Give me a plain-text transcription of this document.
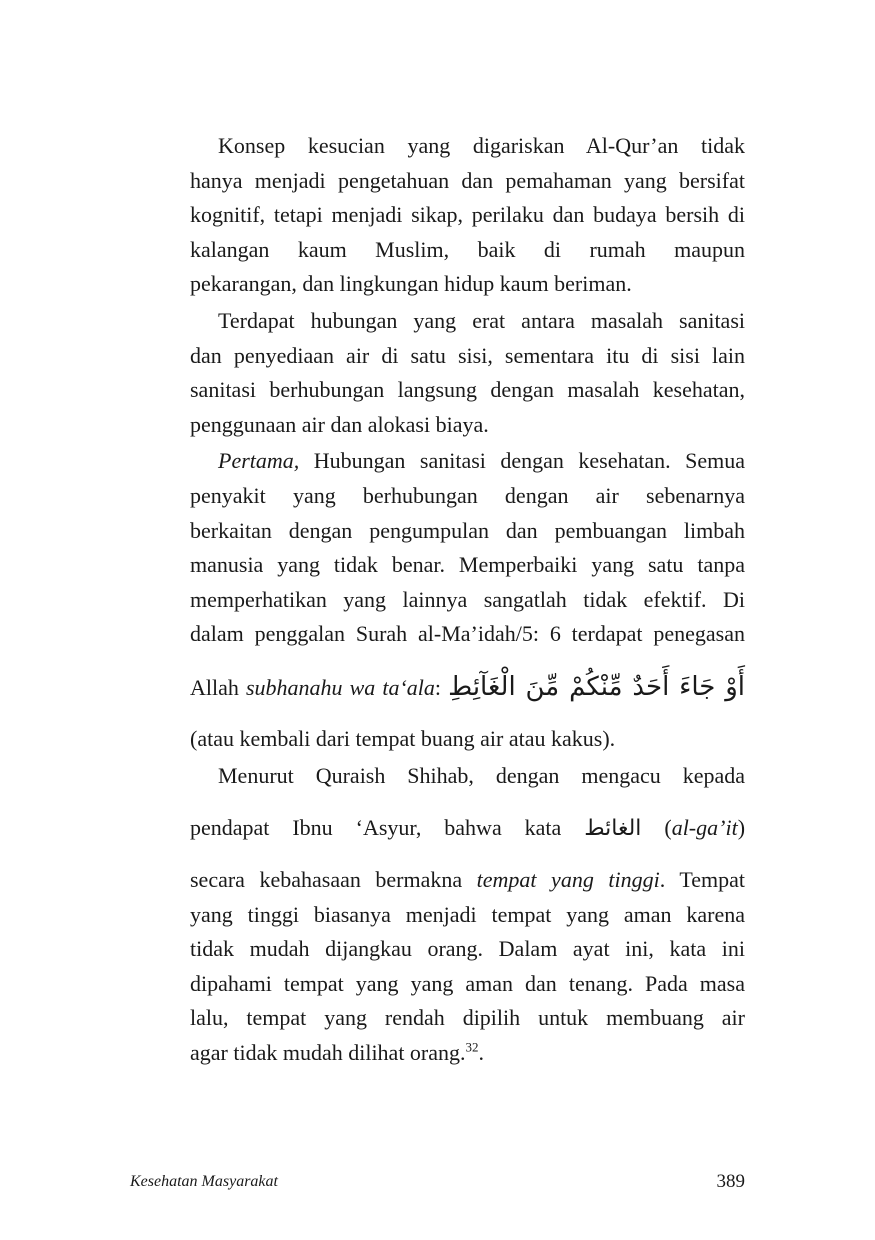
Konsep kesucian yang digariskan Al-Qur’an tidak
hanya menjadi pengetahuan dan pemahaman yang bersifat
kognitif, tetapi menjadi sikap, perilaku dan budaya bersih di
kalangan kaum Muslim, baik di rumah maupun
pekarangan, dan lingkungan hidup kaum beriman.
Terdapat hubungan yang erat antara masalah sanitasi
dan penyediaan air di satu sisi, sementara itu di sisi lain
sanitasi berhubungan langsung dengan masalah kesehatan,
penggunaan air dan alokasi biaya.
Pertama, Hubungan sanitasi dengan kesehatan. Semua
penyakit yang berhubungan dengan air sebenarnya
berkaitan dengan pengumpulan dan pembuangan limbah
manusia yang tidak benar. Memperbaiki yang satu tanpa
memperhatikan yang lainnya sangatlah tidak efektif. Di
dalam penggalan Surah al-Ma’idah/5: 6 terdapat penegasan
Allah subhanahu wa ta‘ala: أَوْ جَاءَ أَحَدٌ مِّنْكُمْ مِّنَ الْغَآئِطِ
(atau kembali dari tempat buang air atau kakus).
Menurut Quraish Shihab, dengan mengacu kepada
pendapat Ibnu ‘Asyur, bahwa kata الغائط (al-ga’it)
secara kebahasaan bermakna tempat yang tinggi. Tempat
yang tinggi biasanya menjadi tempat yang aman karena
tidak mudah dijangkau orang. Dalam ayat ini, kata ini
dipahami tempat yang yang aman dan tenang. Pada masa
lalu, tempat yang rendah dipilih untuk membuang air
agar tidak mudah dilihat orang.$^{32}$.
Kesehatan Masyarakat	389
